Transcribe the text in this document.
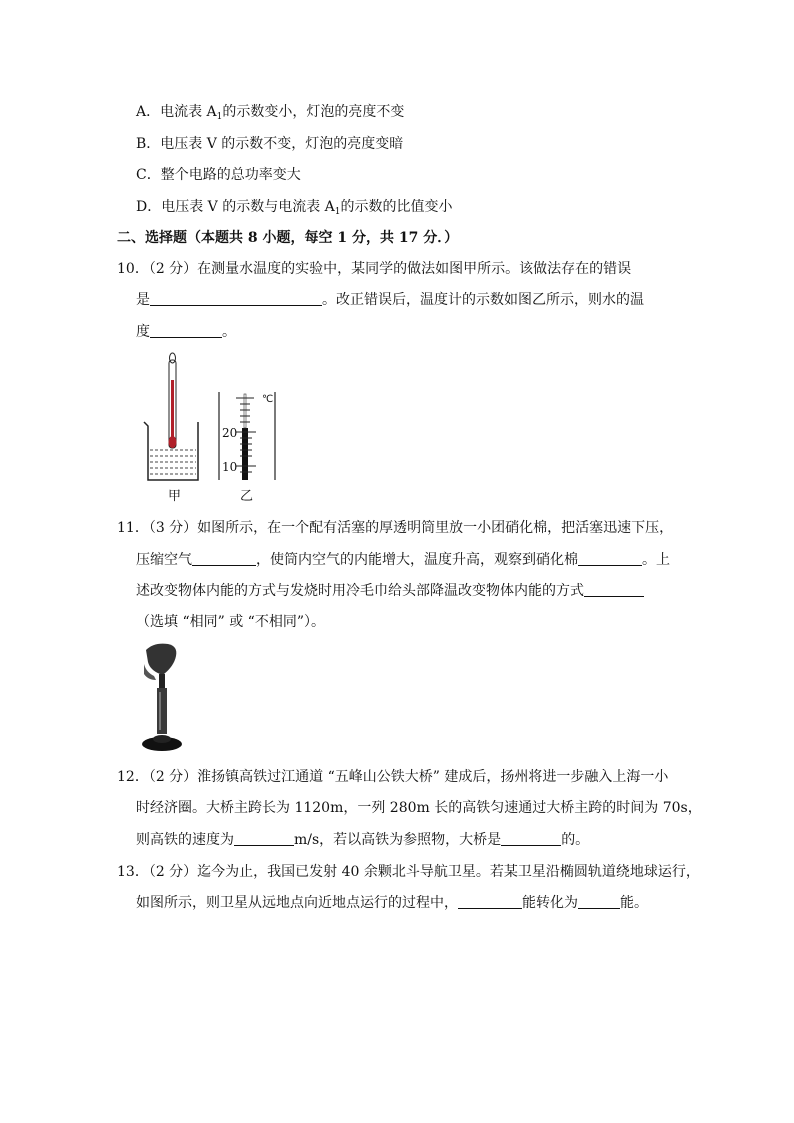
A．电流表 $A_1$的示数变小，灯泡的亮度不变
B．电压表 V 的示数不变，灯泡的亮度变暗
C．整个电路的总功率变大
D．电压表 V 的示数与电流表 $A_1$的示数的比值变小
二、选择题（本题共 8 小题，每空 1 分，共 17 分．）
10．（2 分）在测量水温度的实验中，某同学的做法如图甲所示。该做法存在的错误
是	。改正错误后，温度计的示数如图乙所示，则水的温
度	。
℃
20
10
甲	乙
11．（3 分）如图所示，在一个配有活塞的厚透明筒里放一小团硝化棉，把活塞迅速下压，
压缩空气	，使筒内空气的内能增大，温度升高，观察到硝化棉	。上
述改变物体内能的方式与发烧时用冷毛巾给头部降温改变物体内能的方式
（选填 “相同” 或 “不相同”）。
12．（2 分）淮扬镇高铁过江通道 “五峰山公铁大桥” 建成后，扬州将进一步融入上海一小
时经济圈。大桥主跨长为 1120m，一列 280m 长的高铁匀速通过大桥主跨的时间为 70s，
则高铁的速度为	m/s，若以高铁为参照物，大桥是	的。
13．（2 分）迄今为止，我国已发射 40 余颗北斗导航卫星。若某卫星沿椭圆轨道绕地球运行，
如图所示，则卫星从远地点向近地点运行的过程中，	能转化为	能。
